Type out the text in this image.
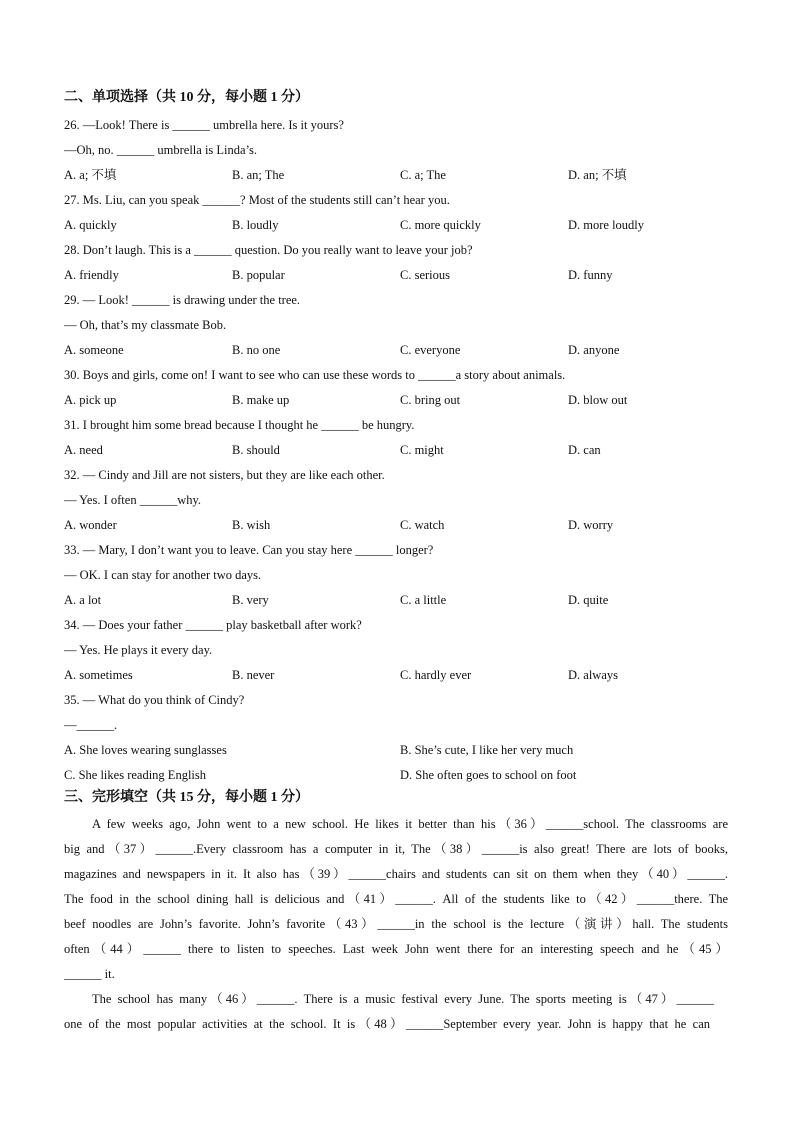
二、单项选择（共 10 分，每小题 1 分）
26. —Look! There is ______ umbrella here. Is it yours?
—Oh, no. ______ umbrella is Linda’s.
A. a; 不填	B. an; The	C. a; The	D. an; 不填
27. Ms. Liu, can you speak ______? Most of the students still can’t hear you.
A. quickly	B. loudly	C. more quickly	D. more loudly
28. Don’t laugh. This is a ______ question. Do you really want to leave your job?
A. friendly	B. popular	C. serious	D. funny
29. — Look! ______ is drawing under the tree.
— Oh, that’s my classmate Bob.
A. someone	B. no one	C. everyone	D. anyone
30. Boys and girls, come on! I want to see who can use these words to ______a story about animals.
A. pick up	B. make up	C. bring out	D. blow out
31. I brought him some bread because I thought he ______ be hungry.
A. need	B. should	C. might	D. can
32. — Cindy and Jill are not sisters, but they are like each other.
— Yes. I often ______why.
A. wonder	B. wish	C. watch	D. worry
33. — Mary, I don’t want you to leave. Can you stay here ______ longer?
— OK. I can stay for another two days.
A. a lot	B. very	C. a little	D. quite
34. — Does your father ______ play basketball after work?
— Yes. He plays it every day.
A. sometimes	B. never	C. hardly ever	D. always
35. — What do you think of Cindy?
—______.
A. She loves wearing sunglasses	B. She’s cute, I like her very much
C. She likes reading English	D. She often goes to school on foot
三、完形填空（共 15 分，每小题 1 分）
A few weeks ago, John went to a new school. He likes it better than his（36）______school. The classrooms are
big and（37）______.Every classroom has a computer in it, The（38）______is also great! There are lots of books,
magazines and newspapers in it. It also has（39）______chairs and students can sit on them when they（40）______.
The food in the school dining hall is delicious and（41）______. All of the students like to（42）______there. The
beef noodles are John’s favorite. John’s favorite（43）______in the school is the lecture（演讲）hall. The students
often（44）______ there to listen to speeches. Last week John went there for an interesting speech and he（45）
______ it.
The school has many（46）______. There is a music festival every June. The sports meeting is（47）______
one of the most popular activities at the school. It is（48）______September every year. John is happy that he can
